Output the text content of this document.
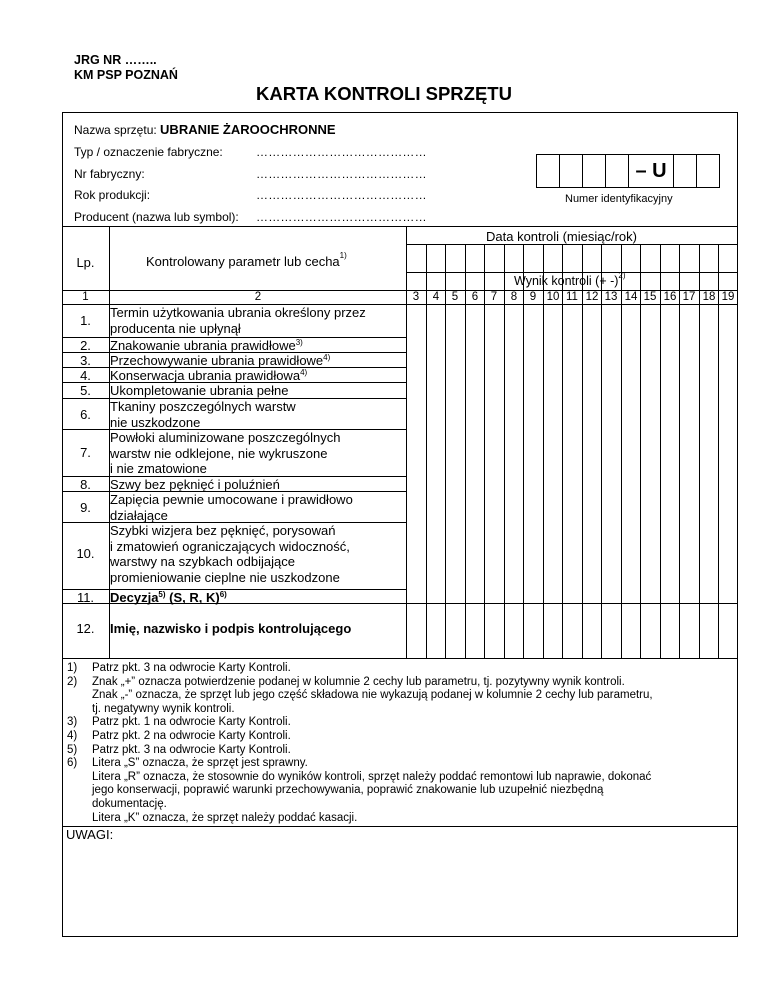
JRG NR ……..
KM PSP POZNAŃ
KARTA KONTROLI SPRZĘTU
Nazwa sprzętu: UBRANIE ŻAROOCHRONNE
Typ / oznaczenie fabryczne:	……………………………………
Nr fabryczny:	……………………………………
Rok produkcji:	……………………………………
Producent (nazwa lub symbol): ……………………………………
– U
Numer identyfikacyjny
Lp.	Kontrolowany parametr lub cecha$^{1)}$
Data kontroli (miesiąc/rok)
Wynik kontroli (+ -)$^{2)}$
1	2	3	4	5	6	7	8	9 10 11 12 13 14 15 16 17 18 19
1.	Termin użytkowania ubrania określony przez
producenta nie upłynął
2.	Znakowanie ubrania prawidłowe$^{3)}$
3.	Przechowywanie ubrania prawidłowe$^{4)}$
4.	Konserwacja ubrania prawidłowa$^{4)}$
5.	Ukompletowanie ubrania pełne
6.	Tkaniny poszczególnych warstw
nie uszkodzone
7.
Powłoki aluminizowane poszczególnych
warstw nie odklejone, nie wykruszone
i nie zmatowione
8.	Szwy bez pęknięć i poluźnień
9.	Zapięcia pewnie umocowane i prawidłowo
działające
10.
Szybki wizjera bez pęknięć, porysowań
i zmatowień ograniczających widoczność,
warstwy na szybkach odbijające
promieniowanie cieplne nie uszkodzone
11.	Decyzja$^{5)}$ (S, R, K)$^{6)}$
12.	Imię, nazwisko i podpis kontrolującego
1) Patrz pkt. 3 na odwrocie Karty Kontroli.
2) Znak „+” oznacza potwierdzenie podanej w kolumnie 2 cechy lub parametru, tj. pozytywny wynik kontroli.
Znak „-” oznacza, że sprzęt lub jego część składowa nie wykazują podanej w kolumnie 2 cechy lub parametru,
tj. negatywny wynik kontroli.
3) Patrz pkt. 1 na odwrocie Karty Kontroli.
4) Patrz pkt. 2 na odwrocie Karty Kontroli.
5) Patrz pkt. 3 na odwrocie Karty Kontroli.
6) Litera „S” oznacza, że sprzęt jest sprawny.
Litera „R” oznacza, że stosownie do wyników kontroli, sprzęt należy poddać remontowi lub naprawie, dokonać
jego konserwacji, poprawić warunki przechowywania, poprawić znakowanie lub uzupełnić niezbędną
dokumentację.
Litera „K” oznacza, że sprzęt należy poddać kasacji.
UWAGI:
